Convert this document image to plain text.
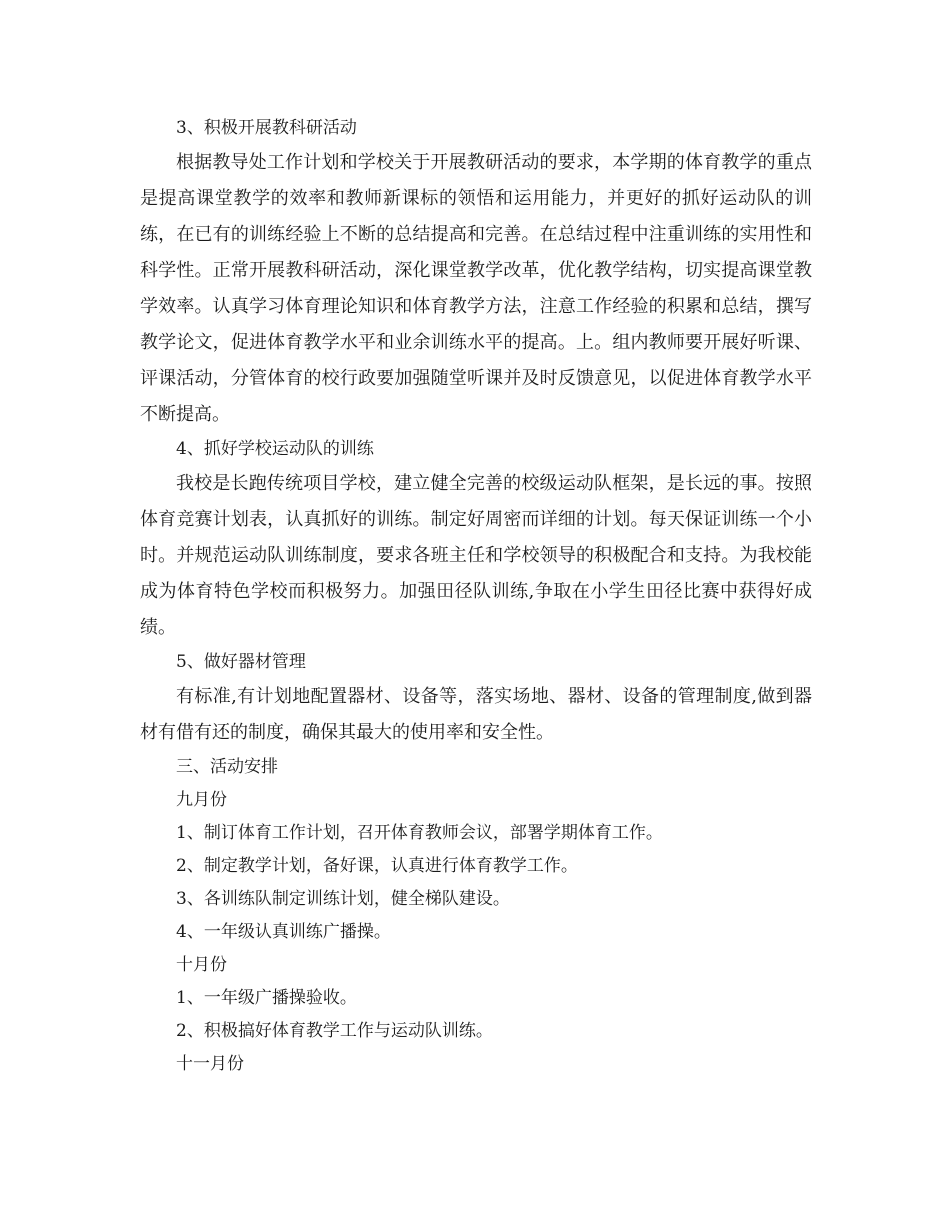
3、积极开展教科研活动

根据教导处工作计划和学校关于开展教研活动的要求，本学期的体育教学的重点是提高课堂教学的效率和教师新课标的领悟和运用能力，并更好的抓好运动队的训练，在已有的训练经验上不断的总结提高和完善。在总结过程中注重训练的实用性和科学性。正常开展教科研活动，深化课堂教学改革，优化教学结构，切实提高课堂教学效率。认真学习体育理论知识和体育教学方法，注意工作经验的积累和总结，撰写教学论文，促进体育教学水平和业余训练水平的提高。上。组内教师要开展好听课、评课活动，分管体育的校行政要加强随堂听课并及时反馈意见，以促进体育教学水平不断提高。

4、抓好学校运动队的训练

我校是长跑传统项目学校，建立健全完善的校级运动队框架，是长远的事。按照体育竞赛计划表，认真抓好的训练。制定好周密而详细的计划。每天保证训练一个小时。并规范运动队训练制度，要求各班主任和学校领导的积极配合和支持。为我校能成为体育特色学校而积极努力。加强田径队训练,争取在小学生田径比赛中获得好成绩。

5、做好器材管理

有标准,有计划地配置器材、设备等，落实场地、器材、设备的管理制度,做到器材有借有还的制度，确保其最大的使用率和安全性。

三、活动安排

九月份

1、制订体育工作计划，召开体育教师会议，部署学期体育工作。

2、制定教学计划，备好课，认真进行体育教学工作。

3、各训练队制定训练计划，健全梯队建设。

4、一年级认真训练广播操。

十月份

1、一年级广播操验收。

2、积极搞好体育教学工作与运动队训练。

十一月份
